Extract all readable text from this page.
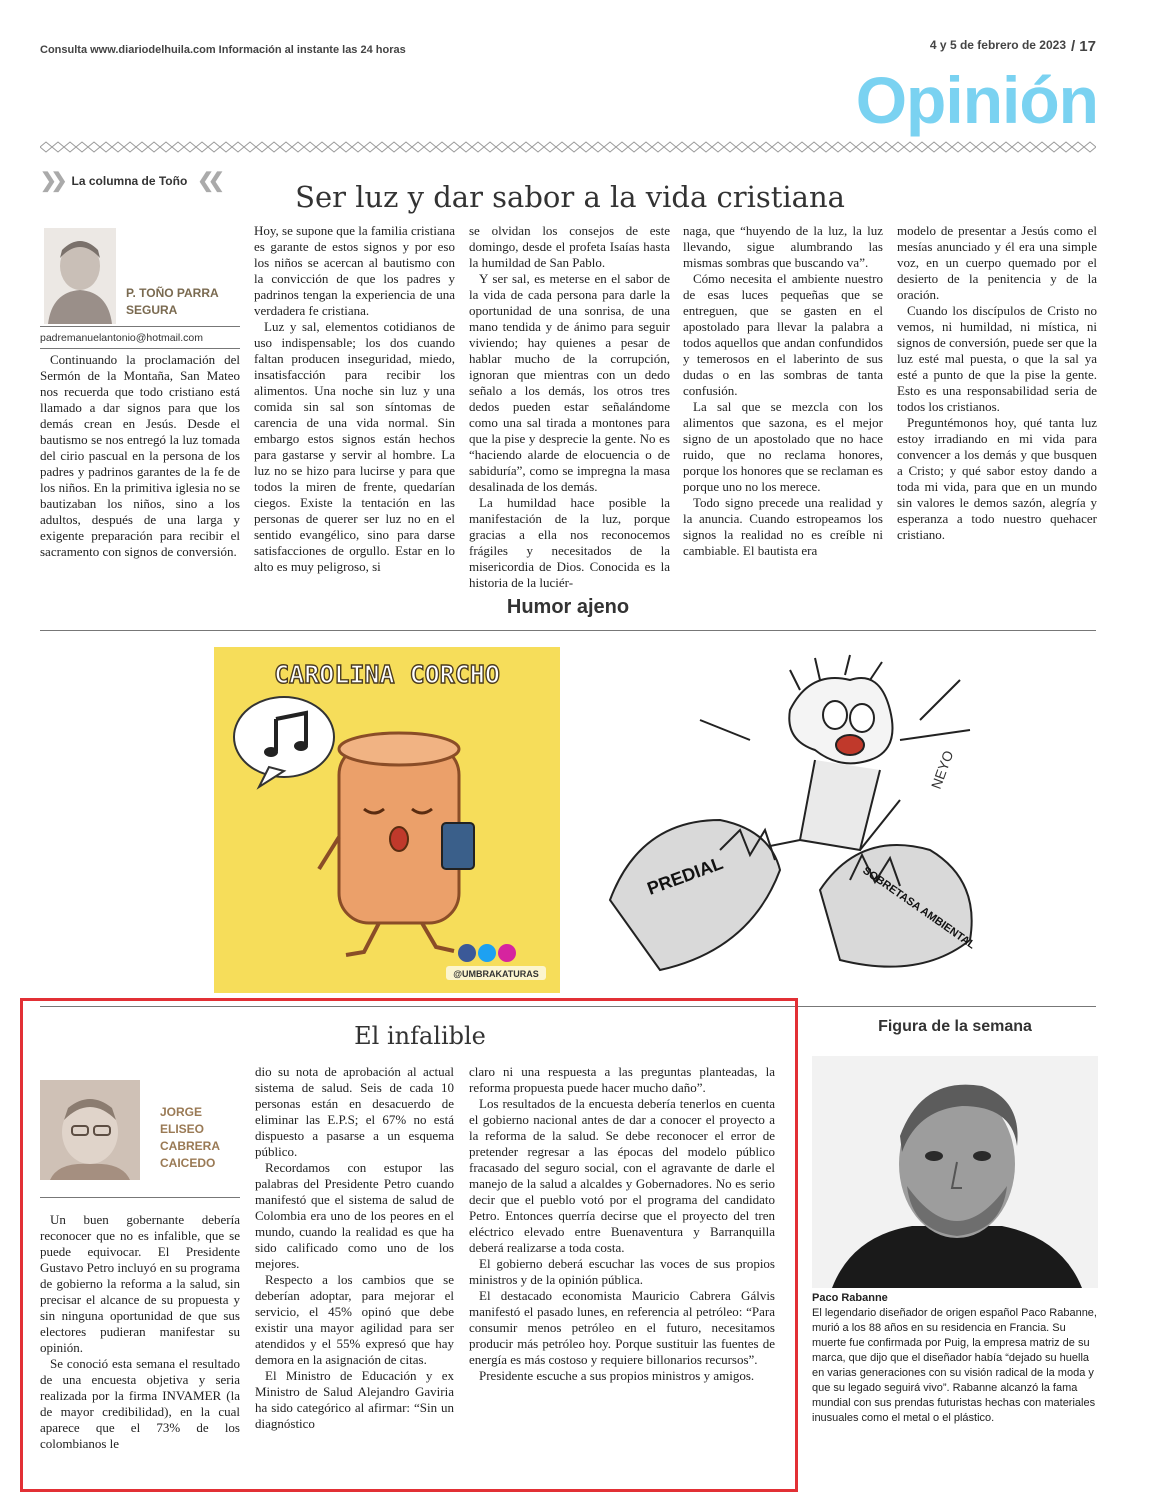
Consulta www.diariodelhuila.com Información al instante las 24 horas	4 y 5 de febrero de 2023 / 17
Opinión
❯❯ La columna de Toño ❮❮	Ser luz y dar sabor a la vida cristiana
P. TOÑO PARRA SEGURA
padremanuelantonio@hotmail.com

Continuando la proclamación del Sermón de la Montaña, San Mateo nos recuerda que todo cristiano está llamado a dar signos para que los demás crean en Jesús. Desde el bautismo se nos entregó la luz tomada del cirio pascual en la persona de los padres y padrinos garantes de la fe de los niños. En la primitiva iglesia no se bautizaban los niños, sino a los adultos, después de una larga y exigente preparación para recibir el sacramento con signos de conversión.

Hoy, se supone que la familia cristiana es garante de estos signos y por eso los niños se acercan al bautismo con la convicción de que los padres y padrinos tengan la experiencia de una verdadera fe cristiana.

Luz y sal, elementos cotidianos de uso indispensable; los dos cuando faltan producen inseguridad, miedo, insatisfacción para recibir los alimentos. Una noche sin luz y una comida sin sal son síntomas de carencia de una vida normal. Sin embargo estos signos están hechos para gastarse y servir al hombre. La luz no se hizo para lucirse y para que todos la miren de frente, quedarían ciegos. Existe la tentación en las personas de querer ser luz no en el sentido evangélico, sino para darse satisfacciones de orgullo. Estar en lo alto es muy peligroso, si

se olvidan los consejos de este domingo, desde el profeta Isaías hasta la humildad de San Pablo.

Y ser sal, es meterse en el sabor de la vida de cada persona para darle la oportunidad de una sonrisa, de una mano tendida y de ánimo para seguir viviendo; hay quienes a pesar de hablar mucho de la corrupción, ignoran que mientras con un dedo señalo a los demás, los otros tres dedos pueden estar señalándome como una sal tirada a montones para que la pise y desprecie la gente. No es “haciendo alarde de elocuencia o de sabiduría”, como se impregna la masa desalinada de los demás.

La humildad hace posible la manifestación de la luz, porque gracias a ella nos reconocemos frágiles y necesitados de la misericordia de Dios. Conocida es la historia de la luciér-

naga, que “huyendo de la luz, la luz llevando, sigue alumbrando las mismas sombras que buscando va”.

Cómo necesita el ambiente nuestro de esas luces pequeñas que se entreguen, que se gasten en el apostolado para llevar la palabra a todos aquellos que andan confundidos y temerosos en el laberinto de sus dudas o en las sombras de tanta confusión.

La sal que se mezcla con los alimentos que sazona, es el mejor signo de un apostolado que no hace ruido, que no reclama honores, porque los honores que se reclaman es porque uno no los merece.

Todo signo precede una realidad y la anuncia. Cuando estropeamos los signos la realidad no es creíble ni cambiable. El bautista era

modelo de presentar a Jesús como el mesías anunciado y él era una simple voz, en un cuerpo quemado por el desierto de la penitencia y de la oración.

Cuando los discípulos de Cristo no vemos, ni humildad, ni mística, ni signos de conversión, puede ser que la luz esté mal puesta, o que la sal ya esté a punto de que la pise la gente. Esto es una responsabilidad seria de todos los cristianos.

Preguntémonos hoy, qué tanta luz estoy irradiando en mi vida para convencer a los demás y que busquen a Cristo; y qué sabor estoy dando a toda mi vida, para que en un mundo sin valores le demos sazón, alegría y esperanza a todo nuestro quehacer cristiano.

Humor ajeno
CAROLINA CORCHO
@UMBRAKATURAS
PREDIAL	SOBRETASA AMBIENTAL
NEYO
El infalible
JORGE ELISEO CABRERA CAICEDO

Un buen gobernante debería reconocer que no es infalible, que se puede equivocar. El Presidente Gustavo Petro incluyó en su programa de gobierno la reforma a la salud, sin precisar el alcance de su propuesta y sin ninguna oportunidad de que sus electores pudieran manifestar su opinión.

Se conoció esta semana el resultado de una encuesta objetiva y seria realizada por la firma INVAMER (la de mayor credibilidad), en la cual aparece que el 73% de los colombianos le

dio su nota de aprobación al actual sistema de salud. Seis de cada 10 personas están en desacuerdo de eliminar las E.P.S; el 67% no está dispuesto a pasarse a un esquema público.

Recordamos con estupor las palabras del Presidente Petro cuando manifestó que el sistema de salud de Colombia era uno de los peores en el mundo, cuando la realidad es que ha sido calificado como uno de los mejores.

Respecto a los cambios que se deberían adoptar, para mejorar el servicio, el 45% opinó que debe existir una mayor agilidad para ser atendidos y el 55% expresó que hay demora en la asignación de citas.

El Ministro de Educación y ex Ministro de Salud Alejandro Gaviria ha sido categórico al afirmar: “Sin un diagnóstico

claro ni una respuesta a las preguntas planteadas, la reforma propuesta puede hacer mucho daño”.

Los resultados de la encuesta debería tenerlos en cuenta el gobierno nacional antes de dar a conocer el proyecto a la reforma de la salud. Se debe reconocer el error de pretender regresar a las épocas del modelo público fracasado del seguro social, con el agravante de darle el manejo de la salud a alcaldes y Gobernadores. No es serio decir que el pueblo votó por el programa del candidato Petro. Entonces querría decirse que el proyecto del tren eléctrico elevado entre Buenaventura y Barranquilla deberá realizarse a toda costa.

El gobierno deberá escuchar las voces de sus propios ministros y de la opinión pública.

El destacado economista Mauricio Cabrera Gálvis manifestó el pasado lunes, en referencia al petróleo: “Para consumir menos petróleo en el futuro, necesitamos producir más petróleo hoy. Porque sustituir las fuentes de energía es más costoso y requiere billonarios recursos”.

Presidente escuche a sus propios ministros y amigos.

Figura de la semana
Paco Rabanne
El legendario diseñador de origen español Paco Rabanne, murió a los 88 años en su residencia en Francia. Su muerte fue confirmada por Puig, la empresa matriz de su marca, que dijo que el diseñador había “dejado su huella en varias generaciones con su visión radical de la moda y que su legado seguirá vivo”. Rabanne alcanzó la fama mundial con sus prendas futuristas hechas con materiales inusuales como el metal o el plástico.
